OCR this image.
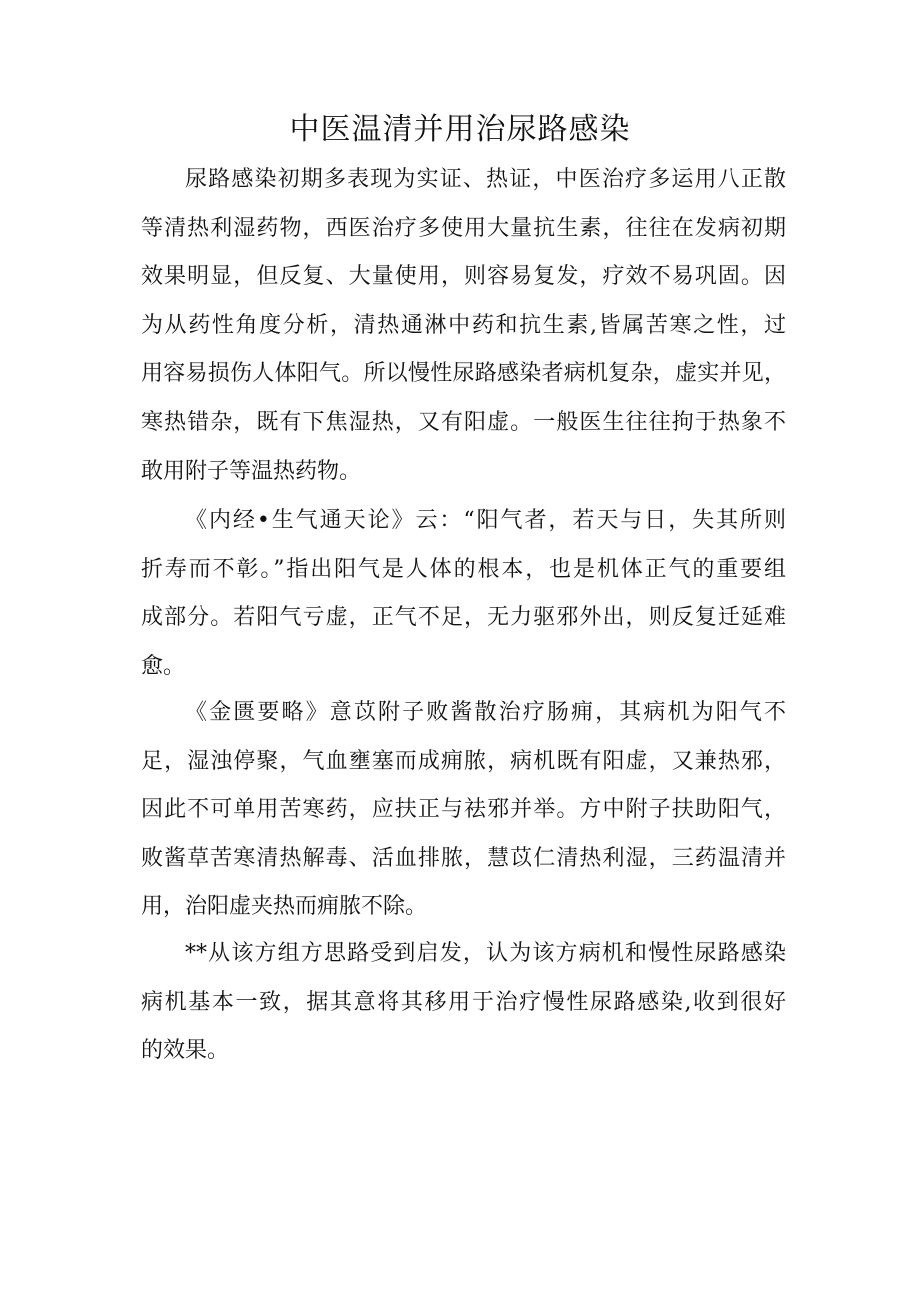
中医温清并用治尿路感染
尿路感染初期多表现为实证、热证，中医治疗多运用八正散
等清热利湿药物，西医治疗多使用大量抗生素，往往在发病初期
效果明显，但反复、大量使用，则容易复发，疗效不易巩固。因
为从药性角度分析，清热通淋中药和抗生素,皆属苦寒之性，过
用容易损伤人体阳气。所以慢性尿路感染者病机复杂，虚实并见，
寒热错杂，既有下焦湿热，又有阳虚。一般医生往往拘于热象不
敢用附子等温热药物。
《内经•生气通天论》云：“阳气者，若天与日，失其所则
折寿而不彰。”指出阳气是人体的根本，也是机体正气的重要组
成部分。若阳气亏虚，正气不足，无力驱邪外出，则反复迁延难
愈。
《金匮要略》意苡附子败酱散治疗肠痈，其病机为阳气不
足，湿浊停聚，气血壅塞而成痈脓，病机既有阳虚，又兼热邪，
因此不可单用苦寒药，应扶正与祛邪并举。方中附子扶助阳气，
败酱草苦寒清热解毒、活血排脓，慧苡仁清热利湿，三药温清并
用，治阳虚夹热而痈脓不除。
**从该方组方思路受到启发，认为该方病机和慢性尿路感染
病机基本一致，据其意将其移用于治疗慢性尿路感染,收到很好
的效果。
